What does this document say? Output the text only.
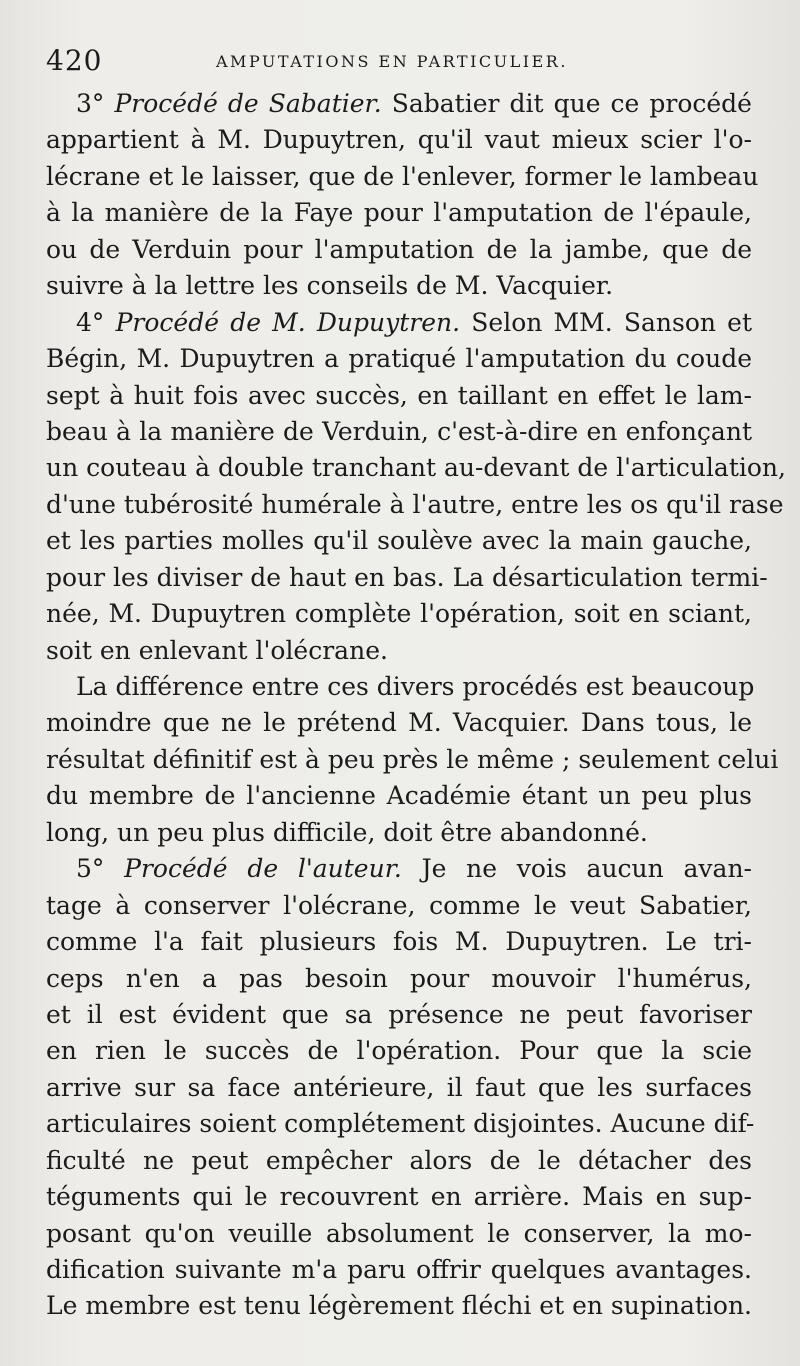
420	AMPUTATIONS EN PARTICULIER.
3° Procédé de Sabatier. Sabatier dit que ce procédé
appartient à M. Dupuytren, qu'il vaut mieux scier l'o-
lécrane et le laisser, que de l'enlever, former le lambeau
à la manière de la Faye pour l'amputation de l'épaule,
ou de Verduin pour l'amputation de la jambe, que de
suivre à la lettre les conseils de M. Vacquier.
4° Procédé de M. Dupuytren. Selon MM. Sanson et
Bégin, M. Dupuytren a pratiqué l'amputation du coude
sept à huit fois avec succès, en taillant en effet le lam-
beau à la manière de Verduin, c'est-à-dire en enfonçant
un couteau à double tranchant au-devant de l'articulation,
d'une tubérosité humérale à l'autre, entre les os qu'il rase
et les parties molles qu'il soulève avec la main gauche,
pour les diviser de haut en bas. La désarticulation termi-
née, M. Dupuytren complète l'opération, soit en sciant,
soit en enlevant l'olécrane.
La différence entre ces divers procédés est beaucoup
moindre que ne le prétend M. Vacquier. Dans tous, le
résultat définitif est à peu près le même ; seulement celui
du membre de l'ancienne Académie étant un peu plus
long, un peu plus difficile, doit être abandonné.
5° Procédé de l'auteur. Je ne vois aucun avan-
tage à conserver l'olécrane, comme le veut Sabatier,
comme l'a fait plusieurs fois M. Dupuytren. Le tri-
ceps n'en a pas besoin pour mouvoir l'humérus,
et il est évident que sa présence ne peut favoriser
en rien le succès de l'opération. Pour que la scie
arrive sur sa face antérieure, il faut que les surfaces
articulaires soient complétement disjointes. Aucune dif-
ficulté ne peut empêcher alors de le détacher des
téguments qui le recouvrent en arrière. Mais en sup-
posant qu'on veuille absolument le conserver, la mo-
dification suivante m'a paru offrir quelques avantages.
Le membre est tenu légèrement fléchi et en supination.
